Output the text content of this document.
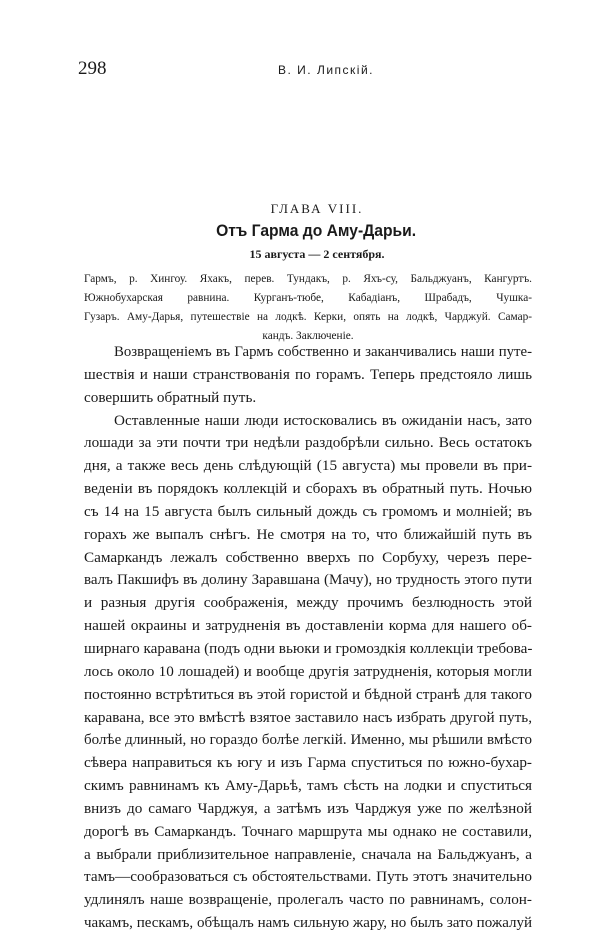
298	В. И. Липскій.
ГЛАВА VIII.
Отъ Гарма до Аму-Дарьи.
15 августа — 2 сентября.
Гармъ, р. Хингоу. Яхакъ, перев. Тундакъ, р. Яхъ-су, Бальджуанъ, Кангуртъ.
Южнобухарская равнина. Курганъ-тюбе, Кабадіанъ, Шрабадъ, Чушка-
Гузаръ. Аму-Дарья, путешествіе на лодкѣ. Керки, опять на лодкѣ, Чарджуй. Самар-
кандъ. Заключеніе.
Возвращеніемъ въ Гармъ собственно и заканчивались наши путе-
шествія и наши странствованія по горамъ. Теперь предстояло лишь
совершить обратный путь.
Оставленные наши люди истосковались въ ожиданіи насъ, зато
лошади за эти почти три недѣли раздобрѣли сильно. Весь остатокъ
дня, а также весь день слѣдующій (15 августа) мы провели въ при-
веденіи въ порядокъ коллекцій и сборахъ въ обратный путь. Ночью
съ 14 на 15 августа былъ сильный дождь съ громомъ и молніей; въ
горахъ же выпалъ снѣгъ. Не смотря на то, что ближайшій путь въ
Самаркандъ лежалъ собственно вверхъ по Сорбуху, черезъ пере-
валъ Пакшифъ въ долину Заравшана (Мачу), но трудность этого пути
и разныя другія соображенія, между прочимъ безлюдность этой
нашей окраины и затрудненія въ доставленіи корма для нашего об-
ширнаго каравана (подъ одни вьюки и громоздкія коллекціи требова-
лось около 10 лошадей) и вообще другія затрудненія, которыя могли
постоянно встрѣтиться въ этой гористой и бѣдной странѣ для такого
каравана, все это вмѣстѣ взятое заставило насъ избрать другой путь,
болѣе длинный, но гораздо болѣе легкій. Именно, мы рѣшили вмѣсто
сѣвера направиться къ югу и изъ Гарма спуститься по южно-бухар-
скимъ равнинамъ къ Аму-Дарьѣ, тамъ сѣсть на лодки и спуститься
внизъ до самаго Чарджуя, а затѣмъ изъ Чарджуя уже по желѣзной
дорогѣ въ Самаркандъ. Точнаго маршрута мы однако не составили,
а выбрали приблизительное направленіе, сначала на Бальджуанъ, а
тамъ—сообразоваться съ обстоятельствами. Путь этотъ значительно
удлинялъ наше возвращеніе, пролегалъ часто по равнинамъ, солон-
чакамъ, пескамъ, обѣщалъ намъ сильную жару, но былъ зато пожалуй
